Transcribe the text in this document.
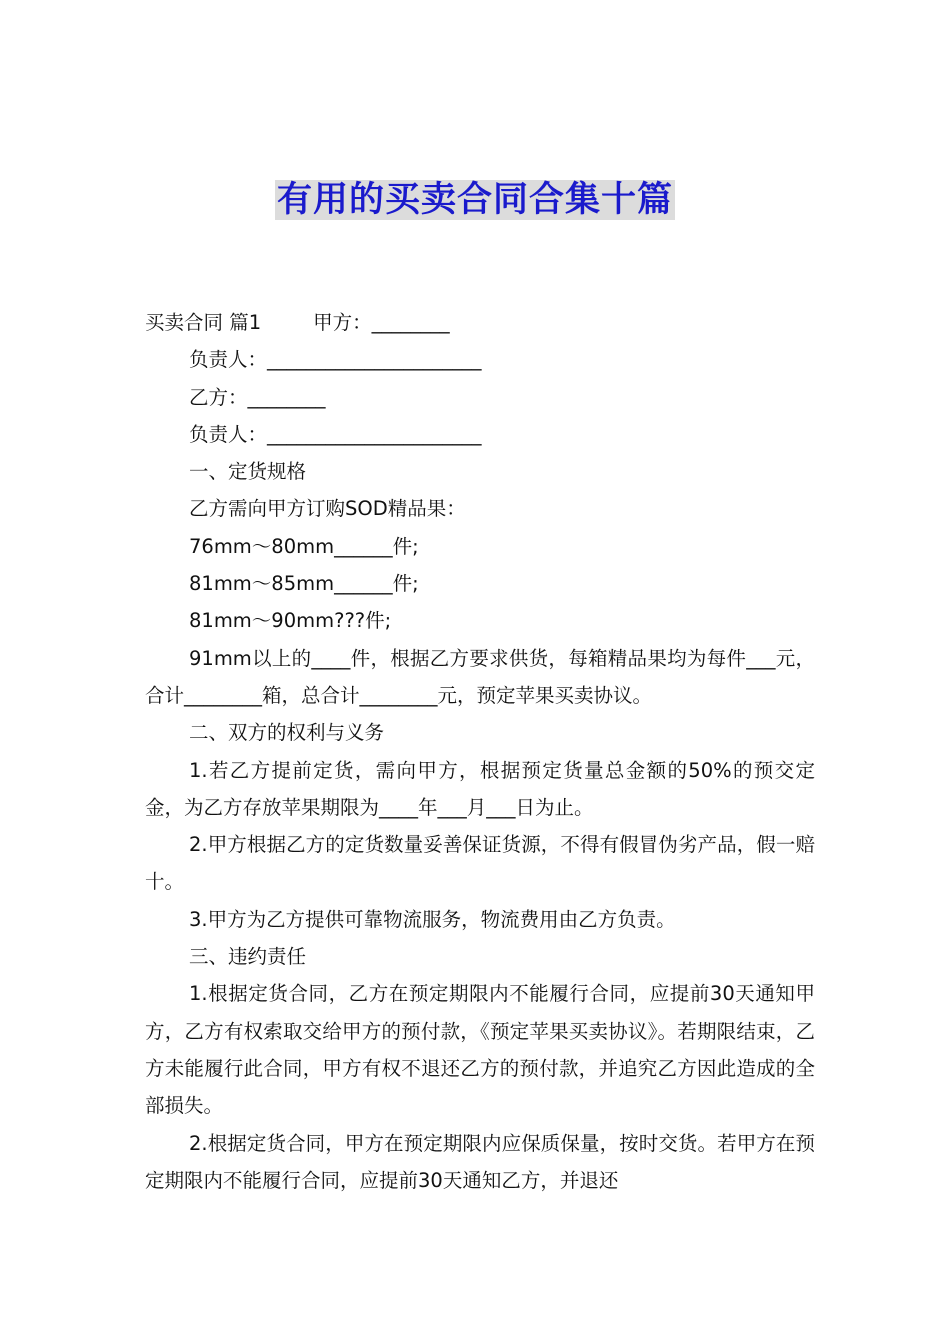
有用的买卖合同合集十篇

买卖合同 篇1	甲方：________

负责人：______________________

乙方：________

负责人：______________________

一、定货规格

乙方需向甲方订购SOD精品果：

76mm～80mm______件;

81mm～85mm______件;

81mm～90mm???件;

91mm以上的____件，根据乙方要求供货，每箱精品果均为每件___元，合计________箱，总合计________元，预定苹果买卖协议。

二、双方的权利与义务

1.若乙方提前定货，需向甲方，根据预定货量总金额的50%的预交定金，为乙方存放苹果期限为____年___月___日为止。

2.甲方根据乙方的定货数量妥善保证货源，不得有假冒伪劣产品，假一赔十。

3.甲方为乙方提供可靠物流服务，物流费用由乙方负责。

三、违约责任

1.根据定货合同，乙方在预定期限内不能履行合同，应提前30天通知甲方，乙方有权索取交给甲方的预付款，《预定苹果买卖协议》。若期限结束，乙方未能履行此合同，甲方有权不退还乙方的预付款，并追究乙方因此造成的全部损失。

2.根据定货合同，甲方在预定期限内应保质保量，按时交货。若甲方在预定期限内不能履行合同，应提前30天通知乙方，并退还
